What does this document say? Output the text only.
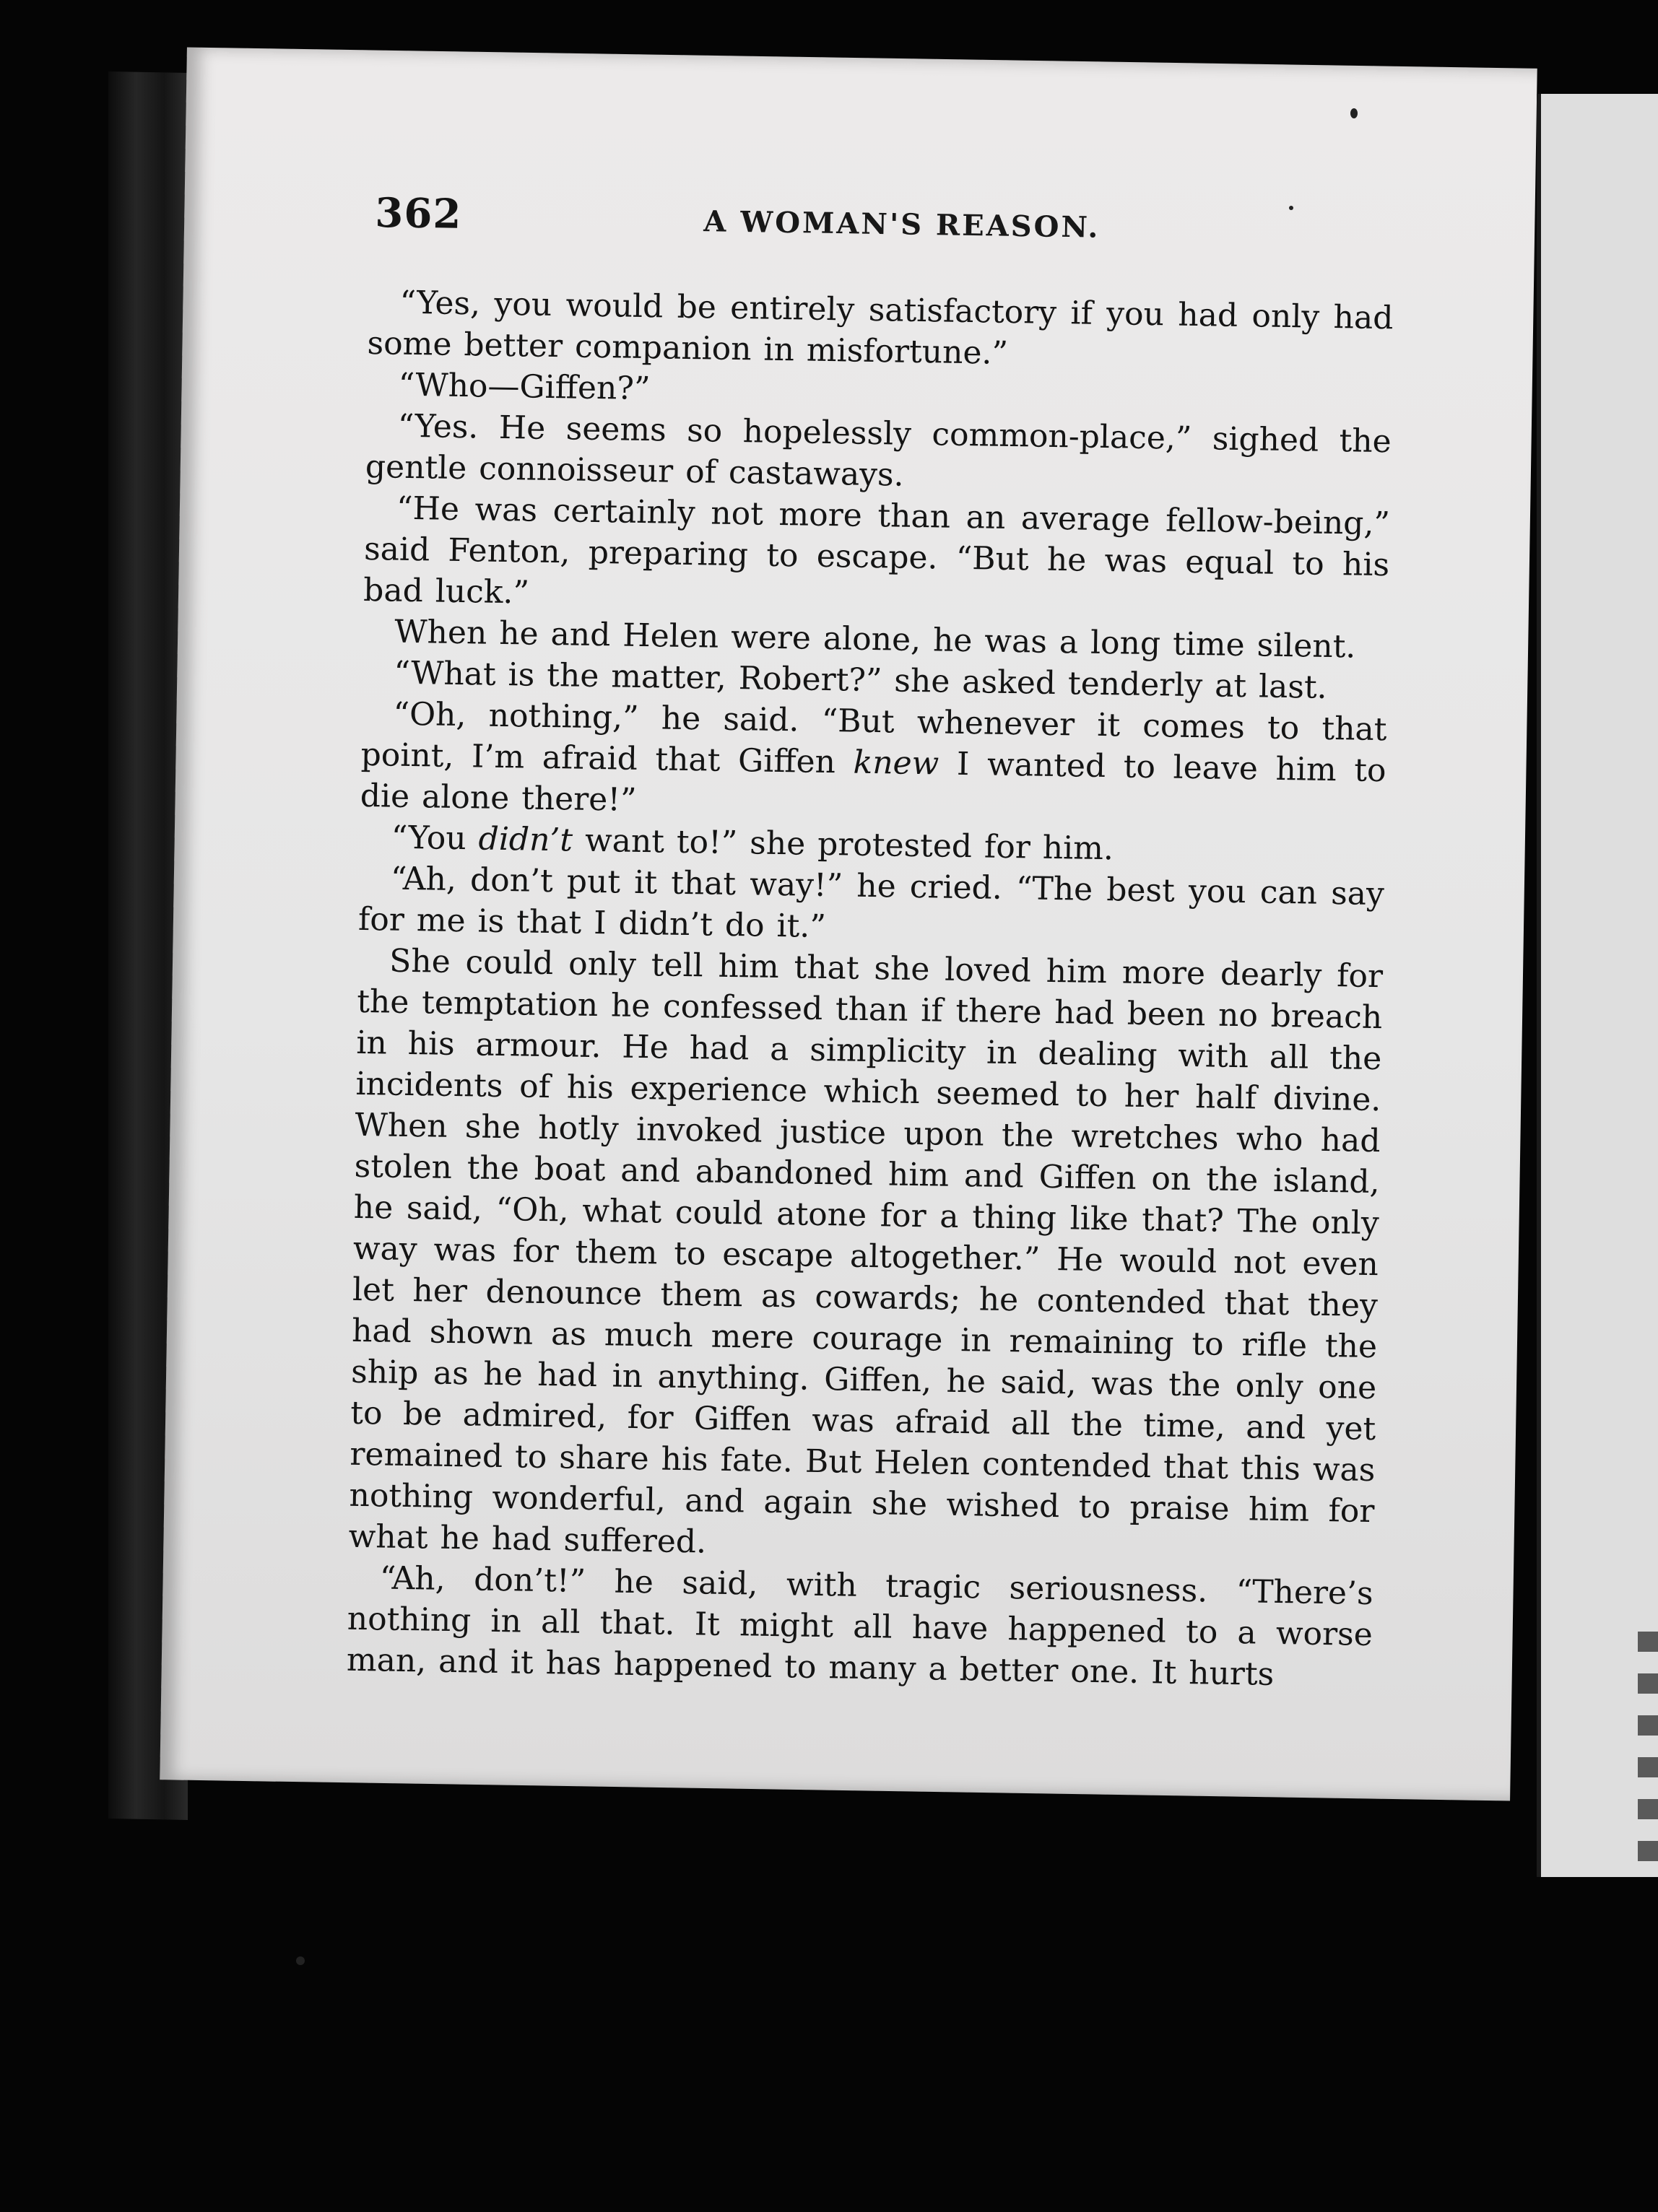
362	A WOMAN'S REASON.

“Yes, you would be entirely satisfactory if you had only had some better companion in misfortune.”

“Who—Giffen?”

“Yes. He seems so hopelessly common-place,” sighed the gentle connoisseur of castaways.

“He was certainly not more than an average fellow-being,” said Fenton, preparing to escape. “But he was equal to his bad luck.”

When he and Helen were alone, he was a long time silent.

“What is the matter, Robert?” she asked tenderly at last.

“Oh, nothing,” he said. “But whenever it comes to that point, I’m afraid that Giffen knew I wanted to leave him to die alone there!”

“You didn’t want to!” she protested for him.

“Ah, don’t put it that way!” he cried. “The best you can say for me is that I didn’t do it.”

She could only tell him that she loved him more dearly for the temptation he confessed than if there had been no breach in his armour. He had a simplicity in dealing with all the incidents of his experience which seemed to her half divine. When she hotly invoked justice upon the wretches who had stolen the boat and abandoned him and Giffen on the island, he said, “Oh, what could atone for a thing like that? The only way was for them to escape altogether.” He would not even let her denounce them as cowards; he contended that they had shown as much mere courage in remaining to rifle the ship as he had in anything. Giffen, he said, was the only one to be admired, for Giffen was afraid all the time, and yet remained to share his fate. But Helen contended that this was nothing wonderful, and again she wished to praise him for what he had suffered.

“Ah, don’t!” he said, with tragic seriousness. “There’s nothing in all that. It might all have happened to a worse man, and it has happened to many a better one. It hurts
